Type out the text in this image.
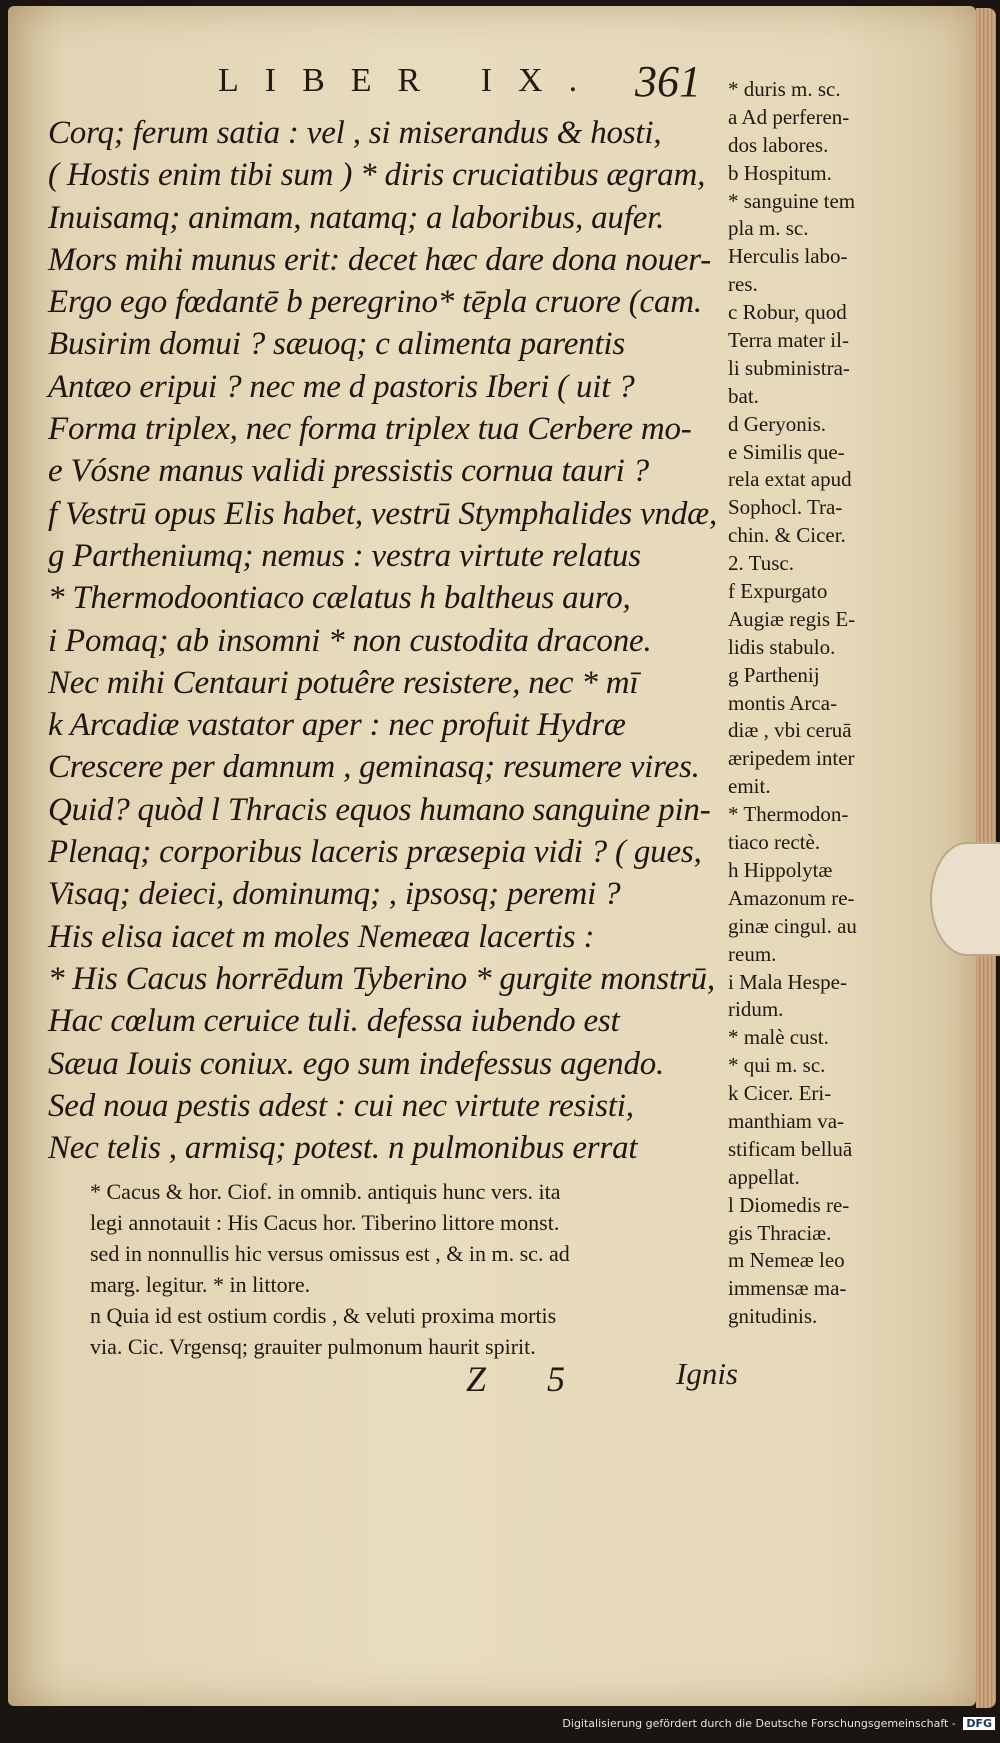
LIBER IX. 361
Corq; ferum satia : vel , si miserandus & hosti,
( Hostis enim tibi sum ) * diris cruciatibus ægram,
Inuisamq; animam, natamq; a laboribus, aufer.
Mors mihi munus erit: decet hæc dare dona nouer-
Ergo ego fœdantē b peregrino* tēpla cruore (cam.
Busirim domui ? sæuoq; c alimenta parentis
Antæo eripui ? nec me d pastoris Iberi ( uit ?
Forma triplex, nec forma triplex tua Cerbere mo-
e Vósne manus validi pressistis cornua tauri ?
f Vestrū opus Elis habet, vestrū Stymphalides vndæ,
g Partheniumq; nemus : vestra virtute relatus
* Thermodoontiaco cælatus h baltheus auro,
i Pomaq; ab insomni * non custodita dracone.
Nec mihi Centauri potuêre resistere, nec * mī
k Arcadiæ vastator aper : nec profuit Hydræ
Crescere per damnum , geminasq; resumere vires.
Quid? quòd l Thracis equos humano sanguine pin-
Plenaq; corporibus laceris præsepia vidi ? ( gues,
Visaq; deieci, dominumq; , ipsosq; peremi ?
His elisa iacet m moles Nemeæa lacertis :
* His Cacus horrēdum Tyberino * gurgite monstrū,
Hac cœlum ceruice tuli. defessa iubendo est
Sæua Iouis coniux. ego sum indefessus agendo.
Sed noua pestis adest : cui nec virtute resisti,
Nec telis , armisq; potest. n pulmonibus errat
* Cacus & hor. Ciof. in omnib. antiquis hunc vers. ita
legi annotauit : His Cacus hor. Tiberino littore monst.
sed in nonnullis hic versus omissus est , & in m. sc. ad
marg. legitur. * in littore.
n Quia id est ostium cordis , & veluti proxima mortis
via. Cic. Vrgensq; grauiter pulmonum haurit spirit.
* duris m. sc.
a Ad perferen-
dos labores.
b Hospitum.
* sanguine tem
pla m. sc.
Herculis labo-
res.
c Robur, quod
Terra mater il-
li subministra-
bat.
d Geryonis.
e Similis que-
rela extat apud
Sophocl. Tra-
chin. & Cicer.
2. Tusc.
f Expurgato
Augiæ regis E-
lidis stabulo.
g Parthenij
montis Arca-
diæ , vbi ceruā
æripedem inter
emit.
* Thermodon-
tiaco rectè.
h Hippolytæ
Amazonum re-
ginæ cingul. au
reum.
i Mala Hespe-
ridum.
* malè cust.
* qui m. sc.
k Cicer. Eri-
manthiam va-
stificam belluā
appellat.
l Diomedis re-
gis Thraciæ.
m Nemeæ leo
immensæ ma-
gnitudinis.
Z 5	Ignis
Digitalisierung gefördert durch die Deutsche Forschungsgemeinschaft - DFG
